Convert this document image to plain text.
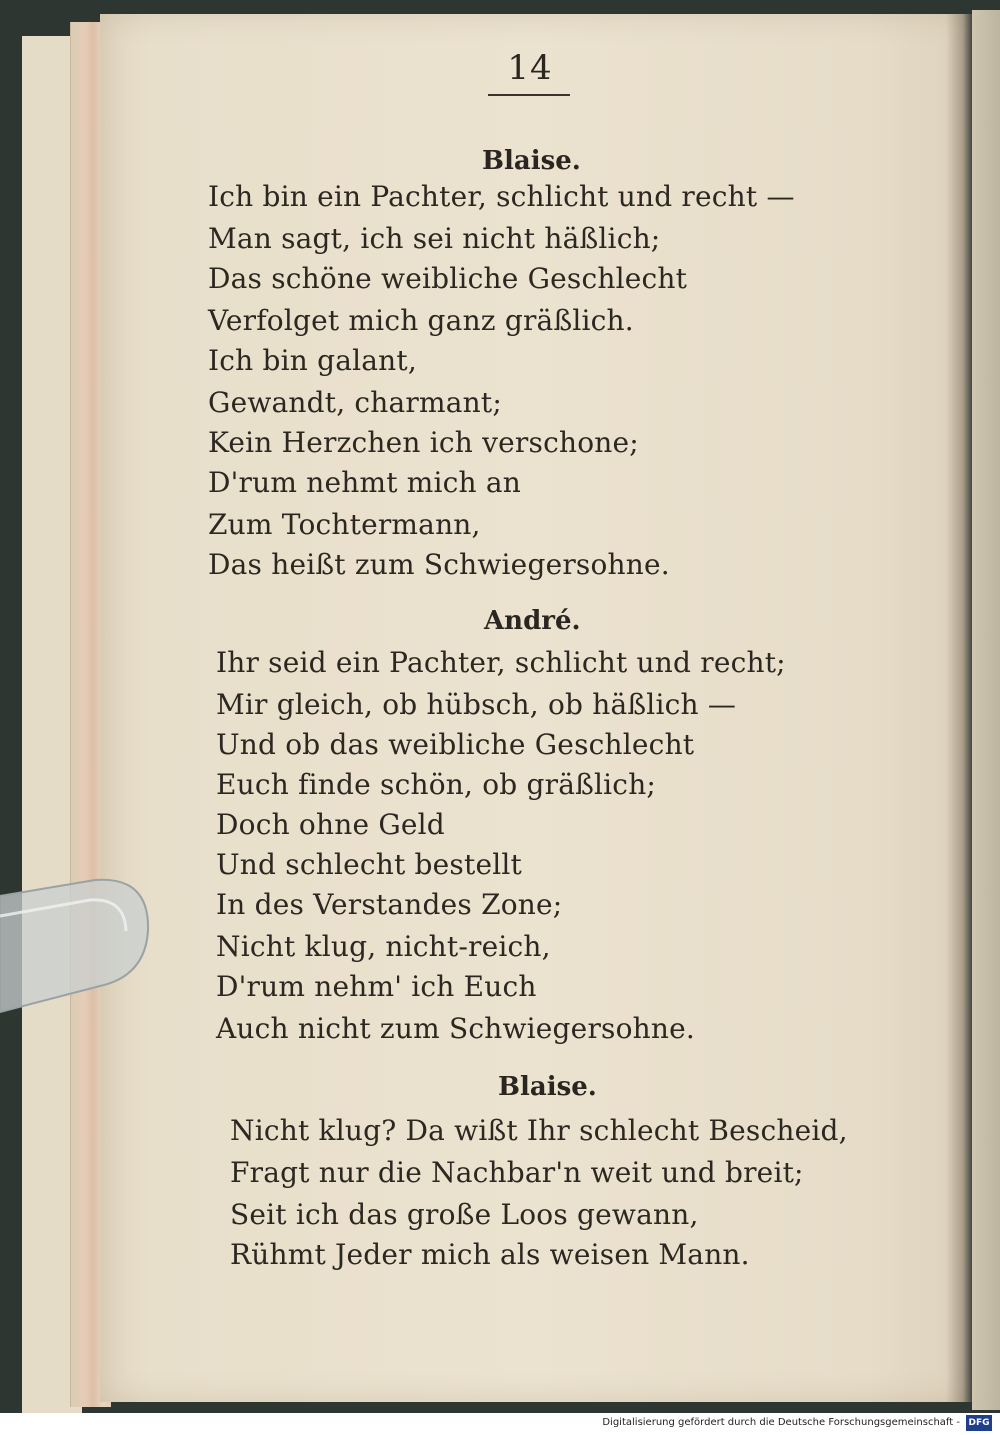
14
Blaise.
Ich bin ein Pachter, schlicht und recht —
Man sagt, ich sei nicht häßlich;
Das schöne weibliche Geschlecht
Verfolget mich ganz gräßlich.
Ich bin galant,
Gewandt, charmant;
Kein Herzchen ich verschone;
D'rum nehmt mich an
Zum Tochtermann,
Das heißt zum Schwiegersohne.
André.
Ihr seid ein Pachter, schlicht und recht;
Mir gleich, ob hübsch, ob häßlich —
Und ob das weibliche Geschlecht
Euch finde schön, ob gräßlich;
Doch ohne Geld
Und schlecht bestellt
In des Verstandes Zone;
Nicht klug, nicht-reich,
D'rum nehm' ich Euch
Auch nicht zum Schwiegersohne.
Blaise.
Nicht klug? Da wißt Ihr schlecht Bescheid,
Fragt nur die Nachbar'n weit und breit;
Seit ich das große Loos gewann,
Rühmt Jeder mich als weisen Mann.
Digitalisierung gefördert durch die Deutsche Forschungsgemeinschaft - DFG
